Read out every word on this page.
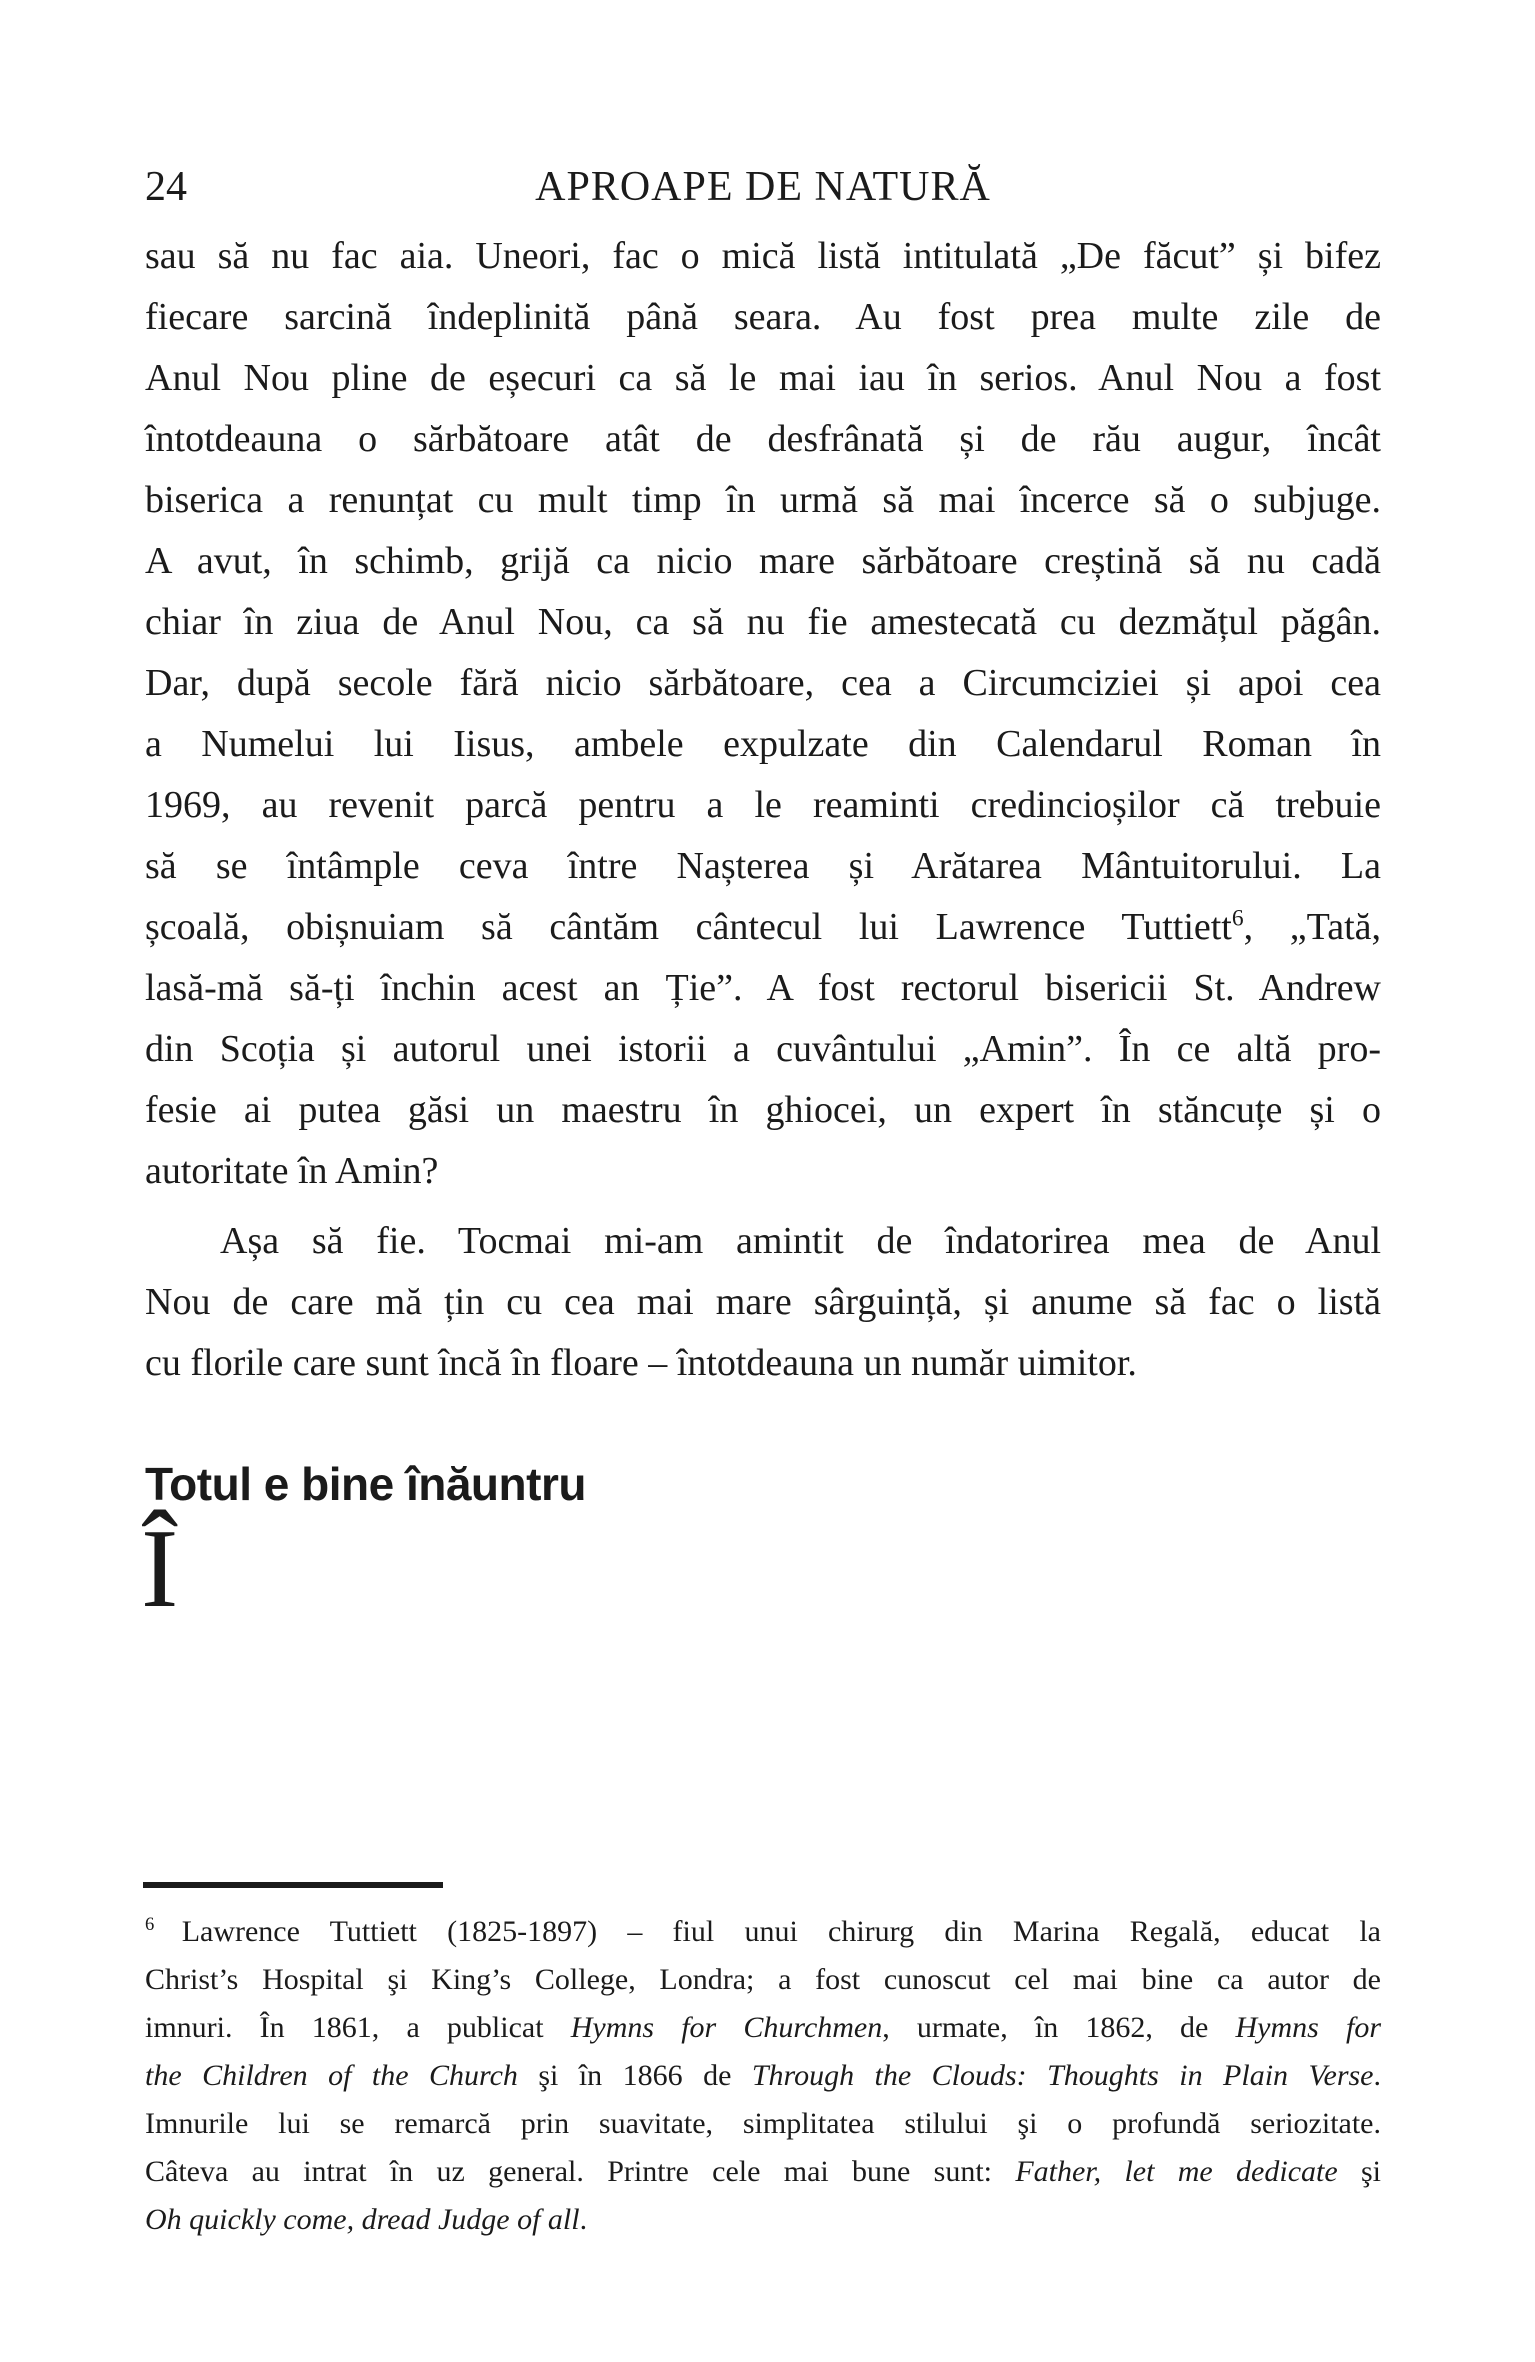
24	APROAPE DE NATURĂ
sau să nu fac aia. Uneori, fac o mică listă intitulată „De făcut” și bifez
fiecare sarcină îndeplinită până seara. Au fost prea multe zile de
Anul Nou pline de eșecuri ca să le mai iau în serios. Anul Nou a fost
întotdeauna o sărbătoare atât de desfrânată și de rău augur, încât
biserica a renunțat cu mult timp în urmă să mai încerce să o subjuge.
A avut, în schimb, grijă ca nicio mare sărbătoare creștină să nu cadă
chiar în ziua de Anul Nou, ca să nu fie amestecată cu dezmățul păgân.
Dar, după secole fără nicio sărbătoare, cea a Circumciziei și apoi cea
a Numelui lui Iisus, ambele expulzate din Calendarul Roman în
1969, au revenit parcă pentru a le reaminti credincioșilor că trebuie
să se întâmple ceva între Nașterea și Arătarea Mântuitorului. La
școală, obișnuiam să cântăm cântecul lui Lawrence Tuttiett$^6$, „Tată,
lasă-mă să-ți închin acest an Ție”. A fost rectorul bisericii St. Andrew
din Scoția și autorul unei istorii a cuvântului „Amin”. În ce altă pro-
fesie ai putea găsi un maestru în ghiocei, un expert în stăncuțe și o
autoritate în Amin?
Așa să fie. Tocmai mi-am amintit de îndatorirea mea de Anul
Nou de care mă țin cu cea mai mare sârguință, și anume să fac o listă
cu florile care sunt încă în floare – întotdeauna un număr uimitor.
Totul e bine înăuntru
Î
$^6$ Lawrence Tuttiett (1825-1897) – fiul unui chirurg din Marina Regală, educat la
Christ’s Hospital şi King’s College, Londra; a fost cunoscut cel mai bine ca autor de
imnuri. În 1861, a publicat Hymns for Churchmen, urmate, în 1862, de Hymns for
the Children of the Church şi în 1866 de Through the Clouds: Thoughts in Plain Verse.
Imnurile lui se remarcă prin suavitate, simplitatea stilului şi o profundă seriozitate.
Câteva au intrat în uz general. Printre cele mai bune sunt: Father, let me dedicate şi
Oh quickly come, dread Judge of all.
